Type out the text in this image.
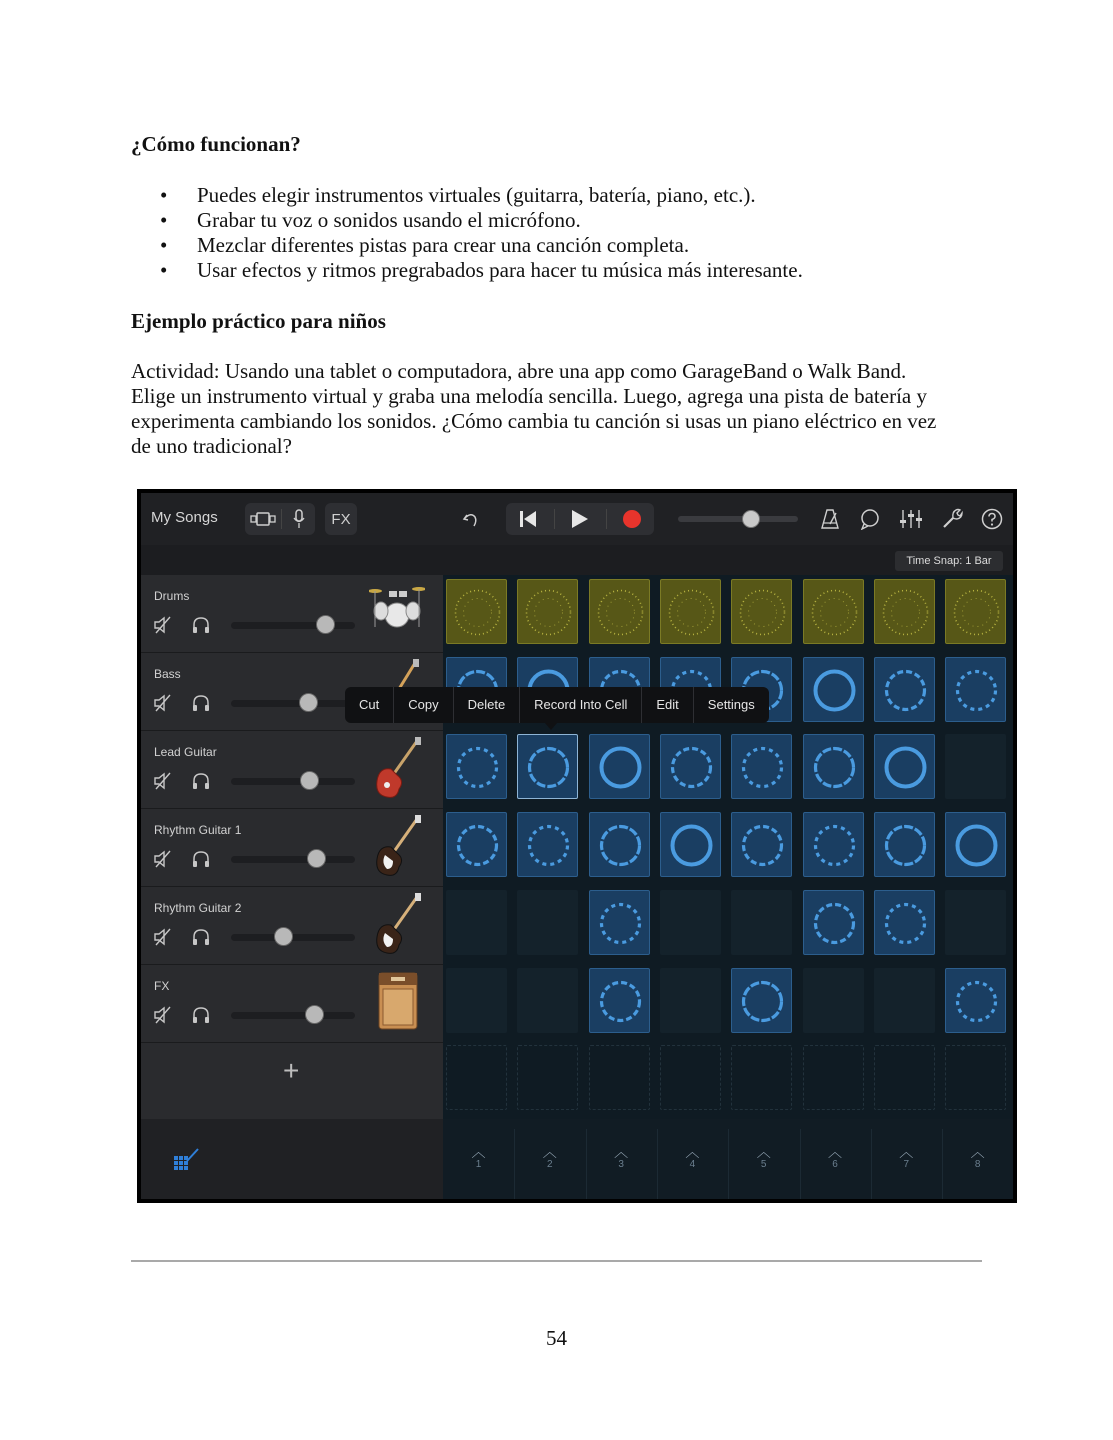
¿Cómo funcionan?
• Puedes elegir instrumentos virtuales (guitarra, batería, piano, etc.).
• Grabar tu voz o sonidos usando el micrófono.
• Mezclar diferentes pistas para crear una canción completa.
• Usar efectos y ritmos pregrabados para hacer tu música más interesante.
Ejemplo práctico para niños
Actividad: Usando una tablet o computadora, abre una app como GarageBand o Walk Band.
Elige un instrumento virtual y graba una melodía sencilla. Luego, agrega una pista de batería y
experimenta cambiando los sonidos. ¿Cómo cambia tu canción si usas un piano eléctrico en vez
de uno tradicional?
My Songs	FX
Time Snap: 1 Bar
Drums
Bass
Lead Guitar
Rhythm Guitar 1
Rhythm Guitar 2
FX
+
︿
1
︿
2
︿
3
︿
4
︿
5
︿
6
︿
7
︿
8
Cut	Copy	Delete	Record Into Cell	Edit	Settings
54
